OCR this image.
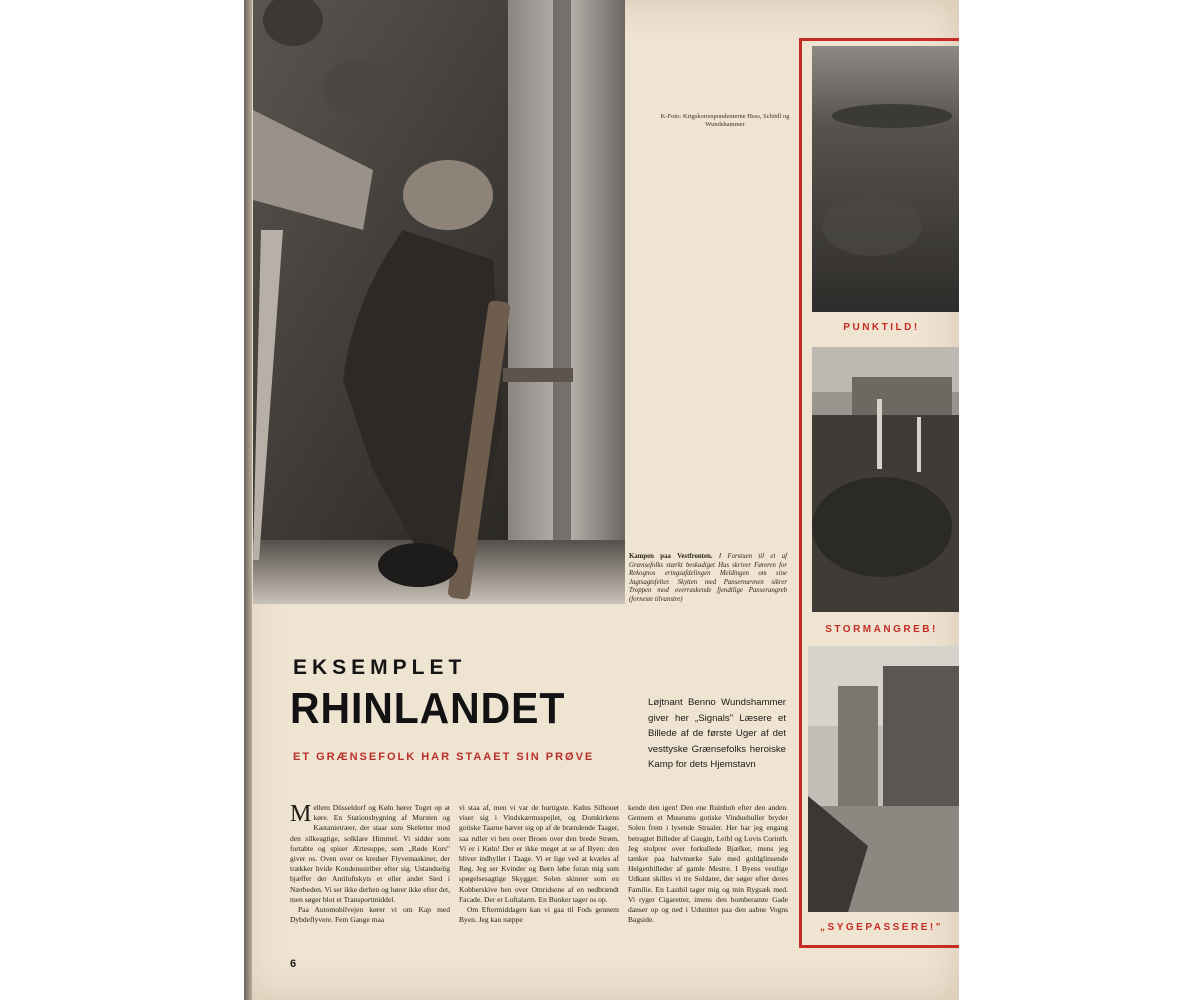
K-Foto: Krigskorrespondenterne Hess, Schödl og Wundshammer
Kampen paa Vestfronten. I Forstuen til et af Grænsefolks stærkt beskadiget Hus skriver Føreren for Rekognos eringsafdelingen Meldingen om sine Jagtsagtsfelter. Skytten med Pansernævnen sikrer Troppen mod overraskende fjendtlige Panserangreb (forneste tilvanstre)
PUNKTILD!
STORMANGREB!
„SYGEPASSERE!"
EKSEMPLET
RHINLANDET
ET GRÆNSEFOLK HAR STAAET SIN PRØVE
Løjtnant Benno Wundshammer giver her „Signals" Læsere et Billede af de første Uger af det vesttyske Grænsefolks heroiske Kamp for dets Hjemstavn

Mellem Düsseldorf og Køln hører Toget op at køre. En Stationsbygning af Mursten og Kastanietræer, der staar som Skeletter mod den silkeagtige, solklare Himmel. Vi sidder som fortabte og spiser Ærtesuppe, som „Røde Kors" giver os. Oven over os kredser Flyvemaskiner, der trækker hvide Kondensstriber efter sig. Ustandselig bjæffer der Antiluftskyts et eller andet Sted i Nærheden. Vi ser ikke derhen og hører ikke efter det, men søger blot et Transportmiddel.

Paa Automobilvejen kører vi om Kap med Dybdeflyvere. Fem Gange maa

vi staa af, men vi var de hurtigste. Kølns Silhouet viser sig i Vindskærmsspejlet, og Domkirkens gotiske Taarne hæver sig op af de brændende Taager, saa ruller vi hen over Broen over den brede Strøm. Vi er i Køln! Der er ikke meget at se af Byen: den bliver indhyllet i Taage. Vi er lige ved at kvæles af Røg. Jeg ser Kvinder og Børn løbe foran mig som spøgelsesagtige Skygger. Solen skinner som en Kobberskive hen over Omridsene af en nedbrændt Facade. Der er Luftalarm. En Bunker tager os op.

Om Eftermiddagen kan vi gaa til Fods gennem Byen. Jeg kan næppe

kende den igen! Den ene Ruinhob efter den anden. Gennem et Museums gotiske Vinduehuller bryder Solen frem i lysende Straaler. Her har jeg engang betragtet Billeder af Gaugin, Leibl og Lovis Corinth. Jeg stolprer over forkullede Bjælker, mens jeg tænker paa halvmørke Sale med guldglinsende Helgenbilleder af gamle Mestre. I Byens vestlige Udkant skilles vi tre Soldater, der søger efter deres Familie. En Lastbil tager mig og min Rygsæk med. Vi ryger Cigaretter, imens den bomberamte Gade danser op og ned i Udsnittet paa den aabne Vogns Bagside.

6
